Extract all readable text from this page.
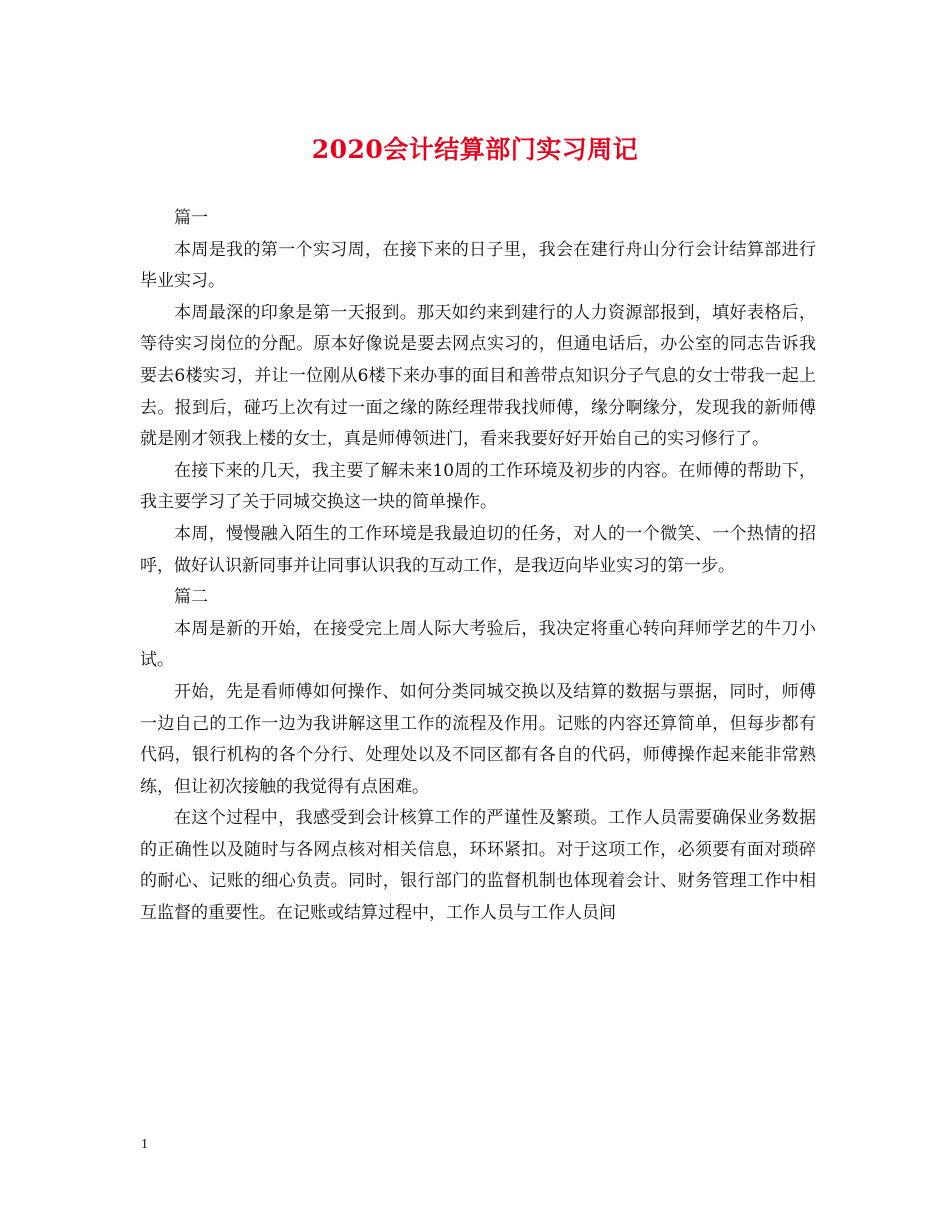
2020会计结算部门实习周记

篇一

本周是我的第一个实习周，在接下来的日子里，我会在建行舟山分行会计结算部进行毕业实习。

本周最深的印象是第一天报到。那天如约来到建行的人力资源部报到，填好表格后，等待实习岗位的分配。原本好像说是要去网点实习的，但通电话后，办公室的同志告诉我要去6楼实习，并让一位刚从6楼下来办事的面目和善带点知识分子气息的女士带我一起上去。报到后，碰巧上次有过一面之缘的陈经理带我找师傅，缘分啊缘分，发现我的新师傅就是刚才领我上楼的女士，真是师傅领进门，看来我要好好开始自己的实习修行了。

在接下来的几天，我主要了解未来10周的工作环境及初步的内容。在师傅的帮助下，我主要学习了关于同城交换这一块的简单操作。

本周，慢慢融入陌生的工作环境是我最迫切的任务，对人的一个微笑、一个热情的招呼，做好认识新同事并让同事认识我的互动工作，是我迈向毕业实习的第一步。

篇二

本周是新的开始，在接受完上周人际大考验后，我决定将重心转向拜师学艺的牛刀小试。

开始，先是看师傅如何操作、如何分类同城交换以及结算的数据与票据，同时，师傅一边自己的工作一边为我讲解这里工作的流程及作用。记账的内容还算简单，但每步都有代码，银行机构的各个分行、处理处以及不同区都有各自的代码，师傅操作起来能非常熟练，但让初次接触的我觉得有点困难。

在这个过程中，我感受到会计核算工作的严谨性及繁琐。工作人员需要确保业务数据的正确性以及随时与各网点核对相关信息，环环紧扣。对于这项工作，必须要有面对琐碎的耐心、记账的细心负责。同时，银行部门的监督机制也体现着会计、财务管理工作中相互监督的重要性。在记账或结算过程中，工作人员与工作人员间

1
